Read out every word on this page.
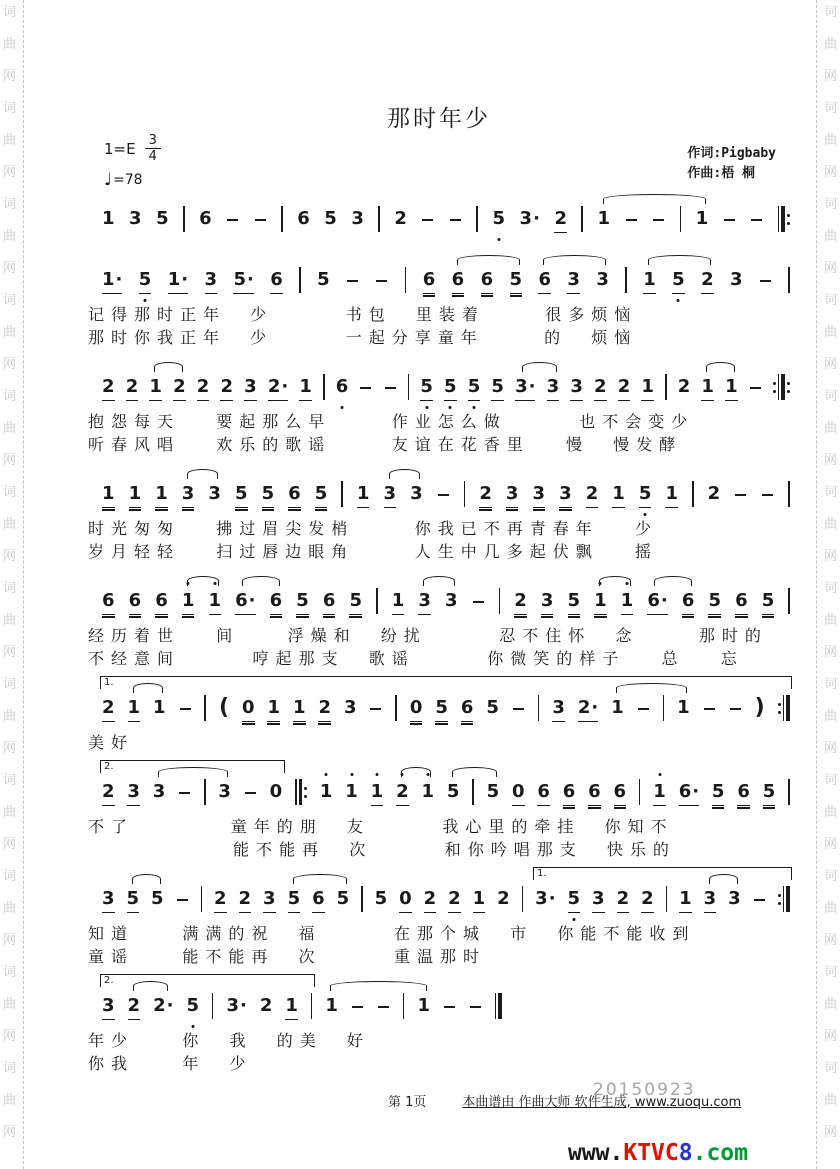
词
曲
网
词
曲
网
词
曲
网
词
曲
网
词
曲
网
词
曲
网
词
曲
网
词
曲
网
词
曲
网
词
曲
网
词
曲
网
词
曲
网
词
曲
网
词
曲
网
词
曲
网
词
曲
网
词
曲
网
词
曲
网
词
曲
网
词
曲
网
词
曲
网
词
曲
网
词
曲
网
词
曲
网
那时年少
$1=E \frac{3}{4}$
♩ =78
作词:Pigbaby
作曲:梧 桐
1 3 5 6	6 5 3 2	5 3· 2 1	1
1· 5 1· 3 5· 6 5	6 6 6 5 6 3 3 1 5 2 3
记得那时正年  少      书包  里装着     很多烦恼
那时你我正年  少      一起分享童年     的  烦恼
2 2 1 2 2 2 3 2· 1 6	5 5 5 5 3· 3 3 2 2 1 2 1 1
抱怨每天   要起那么早     作业怎么做      也不会变少
听春风唱   欢乐的歌谣     友谊在花香里   慢  慢发酵
1 1 1 3 3 5 5 6 5 1 3 3	2 3 3 3 2 1 5 1 2
时光匆匆   拂过眉尖发梢     你我已不再青春年   少
岁月轻轻   扫过唇边眼角     人生中几多起伏飘   摇
6 6 6 1 1 6· 6 5 6 5 1 3 3	2 3 5 1 1 6· 6 5 6 5
经历着世   间    浮燥和  纷扰      忍不住怀  念     那时的
不经意间      哼起那支  歌谣      你微笑的样子   总   忘
2 1 1 ( 0 1 1 2 3	0 5 6 5	3 2· 1	1	)
1.
美好
2 3 3	3 0 1 1 1 2 1 5 5 0 6 6 6 6 1 6· 5 6 5
2.
不了        童年的朋  友      我心里的牵挂  你知不
能不能再  次      和你吟唱那支  快乐的
3 5 5	2 2 3 5 6 5 5 0 2 2 1 2 3· 5 3 2 2 1 3 3
1.
知道    满满的祝  福      在那个城  市  你能不能收到
童谣    能不能再  次      重温那时
3 2 2· 5 3· 2 1 1	1
2.
年少    你  我  的美  好
你我    年  少
20150923
第 1页	本曲谱由 作曲大师 软件生成, www.zuoqu.com
www.KTVC8.com
